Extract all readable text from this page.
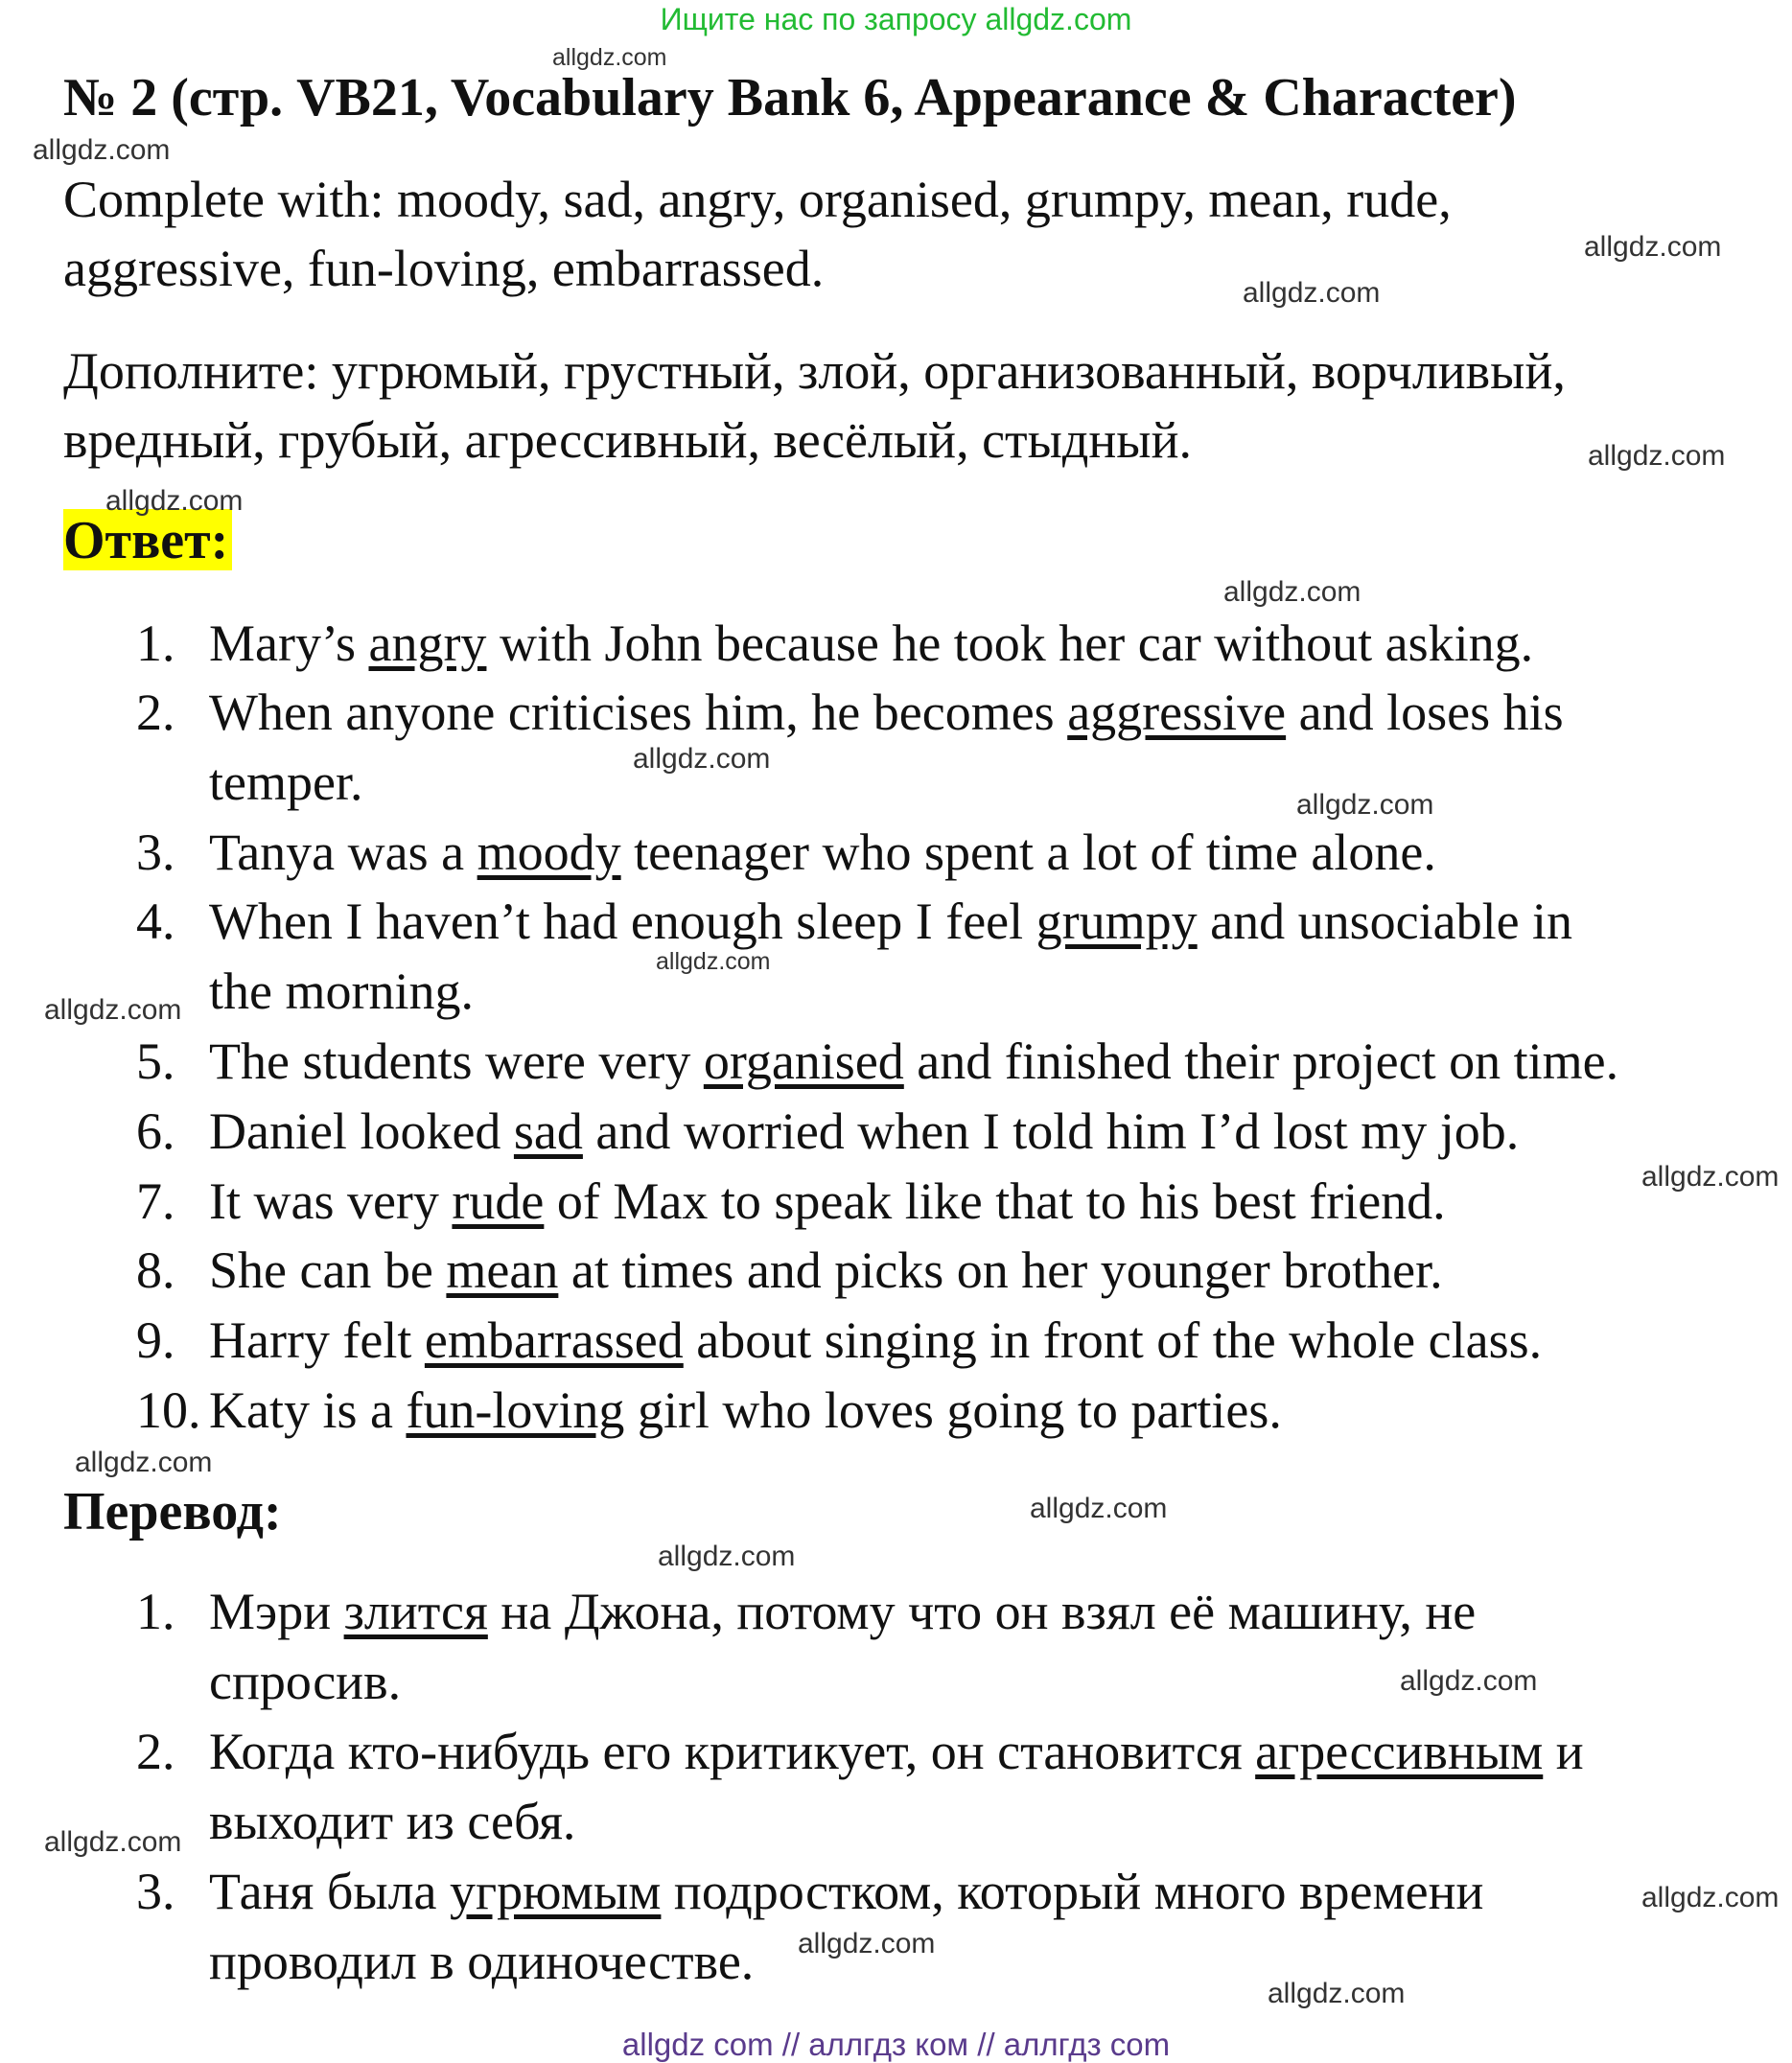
Ищите нас по запросу allgdz.com
№ 2 (стр. VB21, Vocabulary Bank 6, Appearance & Character)
Complete with: moody, sad, angry, organised, grumpy, mean, rude,
aggressive, fun-loving, embarrassed.
Дополните: угрюмый, грустный, злой, организованный, ворчливый,
вредный, грубый, агрессивный, весёлый, стыдный.
Ответ:
1. Mary’s angry with John because he took her car without asking.
2. When anyone criticises him, he becomes aggressive and loses his
temper.
3. Tanya was a moody teenager who spent a lot of time alone.
4. When I haven’t had enough sleep I feel grumpy and unsociable in
the morning.
5. The students were very organised and finished their project on time.
6. Daniel looked sad and worried when I told him I’d lost my job.
7. It was very rude of Max to speak like that to his best friend.
8. She can be mean at times and picks on her younger brother.
9. Harry felt embarrassed about singing in front of the whole class.
10. Katy is a fun-loving girl who loves going to parties.
Перевод:
1. Мэри злится на Джона, потому что он взял её машину, не
спросив.
2. Когда кто-нибудь его критикует, он становится агрессивным и
выходит из себя.
3. Таня была угрюмым подростком, который много времени
проводил в одиночестве.
allgdz.com
allgdz.com
allgdz.com
allgdz.com
allgdz.com
allgdz.com
allgdz.com
allgdz.com
allgdz.com
allgdz.com
allgdz.com
allgdz.com
allgdz.com
allgdz.com
allgdz.com
allgdz.com
allgdz.com
allgdz.com
allgdz.com
allgdz.com
allgdz com // аллгдз ком // аллгдз com
